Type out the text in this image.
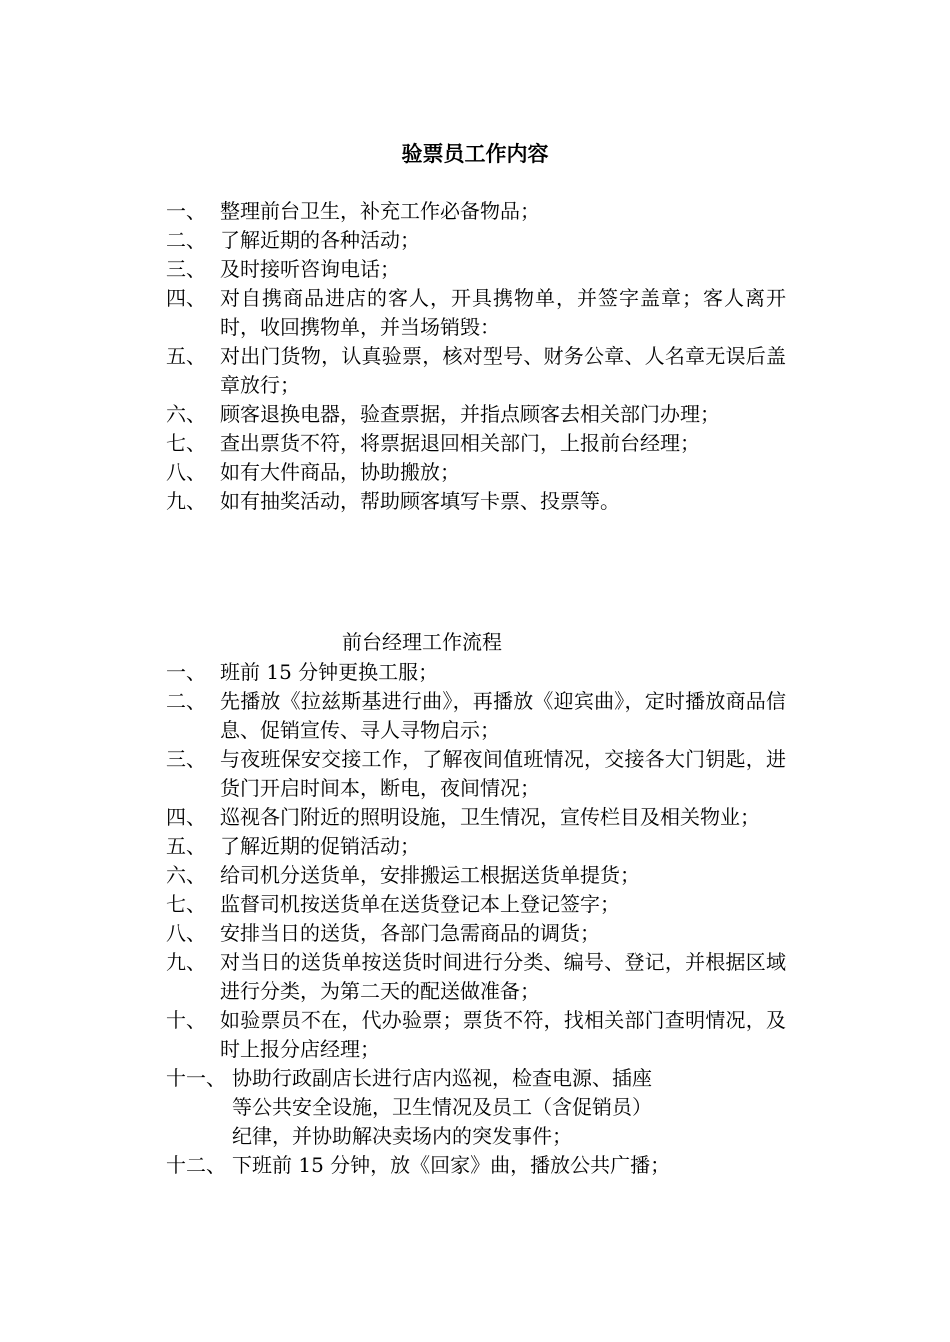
验票员工作内容
一、 整理前台卫生，补充工作必备物品；
二、 了解近期的各种活动；
三、 及时接听咨询电话；
四、 对自携商品进店的客人，开具携物单，并签字盖章；客人离开时，收回携物单，并当场销毁：
五、 对出门货物，认真验票，核对型号、财务公章、人名章无误后盖章放行；
六、 顾客退换电器，验查票据，并指点顾客去相关部门办理；
七、 查出票货不符，将票据退回相关部门，上报前台经理；
八、 如有大件商品，协助搬放；
九、 如有抽奖活动，帮助顾客填写卡票、投票等。
前台经理工作流程
一、 班前 15 分钟更换工服；
二、 先播放《拉兹斯基进行曲》，再播放《迎宾曲》，定时播放商品信息、促销宣传、寻人寻物启示；
三、 与夜班保安交接工作，了解夜间值班情况，交接各大门钥匙，进货门开启时间本，断电，夜间情况；
四、 巡视各门附近的照明设施，卫生情况，宣传栏目及相关物业；
五、 了解近期的促销活动；
六、 给司机分送货单，安排搬运工根据送货单提货；
七、 监督司机按送货单在送货登记本上登记签字；
八、 安排当日的送货，各部门急需商品的调货；
九、 对当日的送货单按送货时间进行分类、编号、登记，并根据区域进行分类，为第二天的配送做准备；
十、 如验票员不在，代办验票；票货不符，找相关部门查明情况，及时上报分店经理；
十一、 协助行政副店长进行店内巡视，检查电源、插座
等公共安全设施，卫生情况及员工（含促销员）
纪律，并协助解决卖场内的突发事件；
十二、 下班前 15 分钟，放《回家》曲，播放公共广播；
